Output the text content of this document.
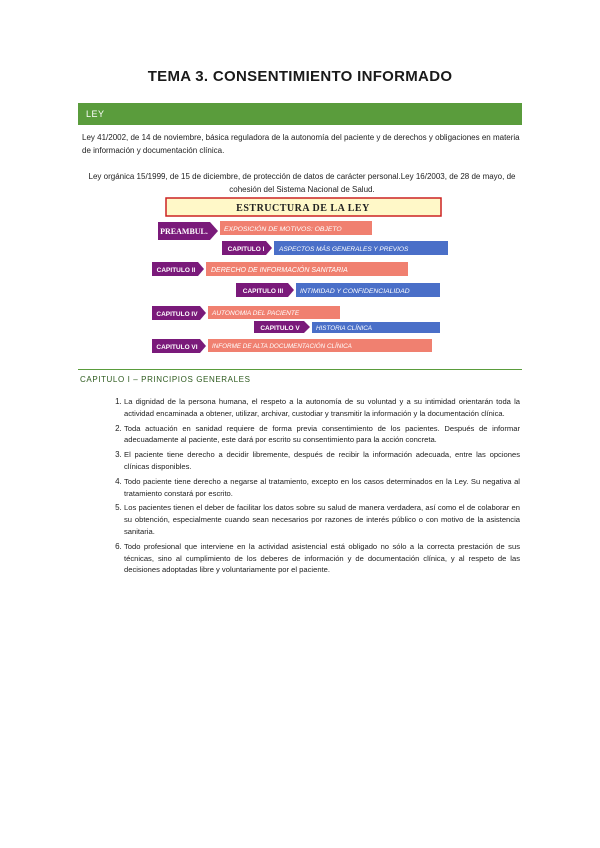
TEMA 3. CONSENTIMIENTO INFORMADO
LEY
Ley 41/2002, de 14 de noviembre, básica reguladora de la autonomía del paciente y de derechos y obligaciones en materia de información y documentación clínica.
Ley orgánica 15/1999, de 15 de diciembre, de protección de datos de carácter personal.Ley 16/2003, de 28 de mayo, de cohesión del Sistema Nacional de Salud.
ESTRUCTURA DE LA LEY
PREAMBUL. EXPOSICIÓN DE MOTIVOS: OBJETO
CAPITULO I ASPECTOS MÁS GENERALES Y PREVIOS
CAPITULO II DERECHO DE INFORMACIÓN SANITARIA
CAPITULO III INTIMIDAD Y CONFIDENCIALIDAD
CAPITULO IV AUTONOMIA DEL PACIENTE
CAPITULO V	HISTORIA CLÍNICA
CAPITULO VI INFORME DE ALTA DOCUMENTACIÓN CLÍNICA
CAPITULO I – PRINCIPIOS GENERALES
1. La dignidad de la persona humana, el respeto a la autonomía de su voluntad y a su intimidad orientarán toda la actividad encaminada a obtener, utilizar, archivar, custodiar y transmitir la información y la documentación clínica.
2. Toda actuación en sanidad requiere de forma previa consentimiento de los pacientes. Después de informar adecuadamente al paciente, este dará por escrito su consentimiento para la acción concreta.
3. El paciente tiene derecho a decidir libremente, después de recibir la información adecuada, entre las opciones clínicas disponibles.
4. Todo paciente tiene derecho a negarse al tratamiento, excepto en los casos determinados en la Ley. Su negativa al tratamiento constará por escrito.
5. Los pacientes tienen el deber de facilitar los datos sobre su salud de manera verdadera, así como el de colaborar en su obtención, especialmente cuando sean necesarios por razones de interés público o con motivo de la asistencia sanitaria.
6. Todo profesional que interviene en la actividad asistencial está obligado no sólo a la correcta prestación de sus técnicas, sino al cumplimiento de los deberes de información y de documentación clínica, y al respeto de las decisiones adoptadas libre y voluntariamente por el paciente.
